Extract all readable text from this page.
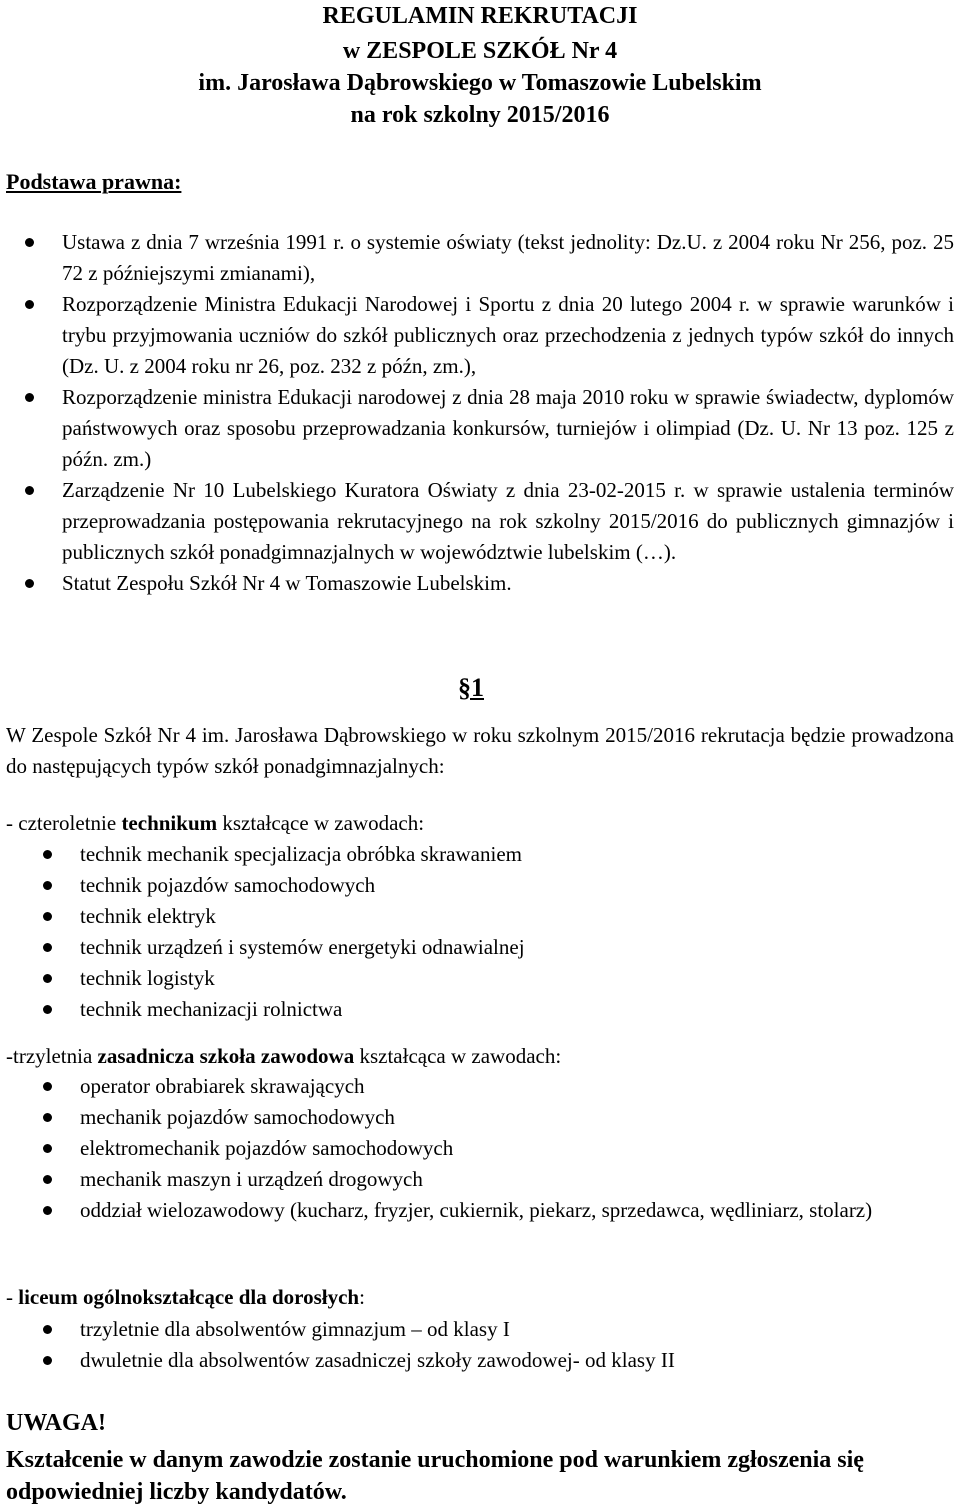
REGULAMIN REKRUTACJI
w ZESPOLE SZKÓŁ Nr 4
im. Jarosława Dąbrowskiego w Tomaszowie Lubelskim
na rok szkolny 2015/2016

Podstawa prawna:

Ustawa z dnia 7 września 1991 r. o systemie oświaty (tekst jednolity: Dz.U. z 2004 roku Nr 256, poz. 25 72 z późniejszymi zmianami),
Rozporządzenie Ministra Edukacji Narodowej i Sportu z dnia 20 lutego 2004 r. w sprawie warunków i trybu przyjmowania uczniów do szkół publicznych oraz przechodzenia z jednych typów szkół do innych (Dz. U. z 2004 roku nr 26, poz. 232 z późn, zm.),
Rozporządzenie ministra Edukacji narodowej z dnia 28 maja 2010 roku w sprawie świadectw, dyplomów państwowych oraz sposobu przeprowadzania konkursów, turniejów i olimpiad (Dz. U. Nr 13 poz. 125 z późn. zm.)
Zarządzenie Nr 10 Lubelskiego Kuratora Oświaty z dnia 23-02-2015 r. w sprawie ustalenia terminów przeprowadzania postępowania rekrutacyjnego na rok szkolny 2015/2016 do publicznych gimnazjów i publicznych szkół ponadgimnazjalnych w województwie lubelskim (…).
Statut Zespołu Szkół Nr 4 w Tomaszowie Lubelskim.

§1

W Zespole Szkół Nr 4 im. Jarosława Dąbrowskiego w roku szkolnym 2015/2016 rekrutacja będzie prowadzona do następujących typów szkół ponadgimnazjalnych:

- czteroletnie technikum kształcące w zawodach:

technik mechanik specjalizacja obróbka skrawaniem
technik pojazdów samochodowych
technik elektryk
technik urządzeń i systemów energetyki odnawialnej
technik logistyk
technik mechanizacji rolnictwa

-trzyletnia zasadnicza szkoła zawodowa kształcąca w zawodach:

operator obrabiarek skrawających
mechanik pojazdów samochodowych
elektromechanik pojazdów samochodowych
mechanik maszyn i urządzeń drogowych
oddział wielozawodowy (kucharz, fryzjer, cukiernik, piekarz, sprzedawca, wędliniarz, stolarz)

- liceum ogólnokształcące dla dorosłych:

trzyletnie dla absolwentów gimnazjum – od klasy I
dwuletnie dla absolwentów zasadniczej szkoły zawodowej- od klasy II

UWAGA!

Kształcenie w danym zawodzie zostanie uruchomione pod warunkiem zgłoszenia się odpowiedniej liczby kandydatów.
